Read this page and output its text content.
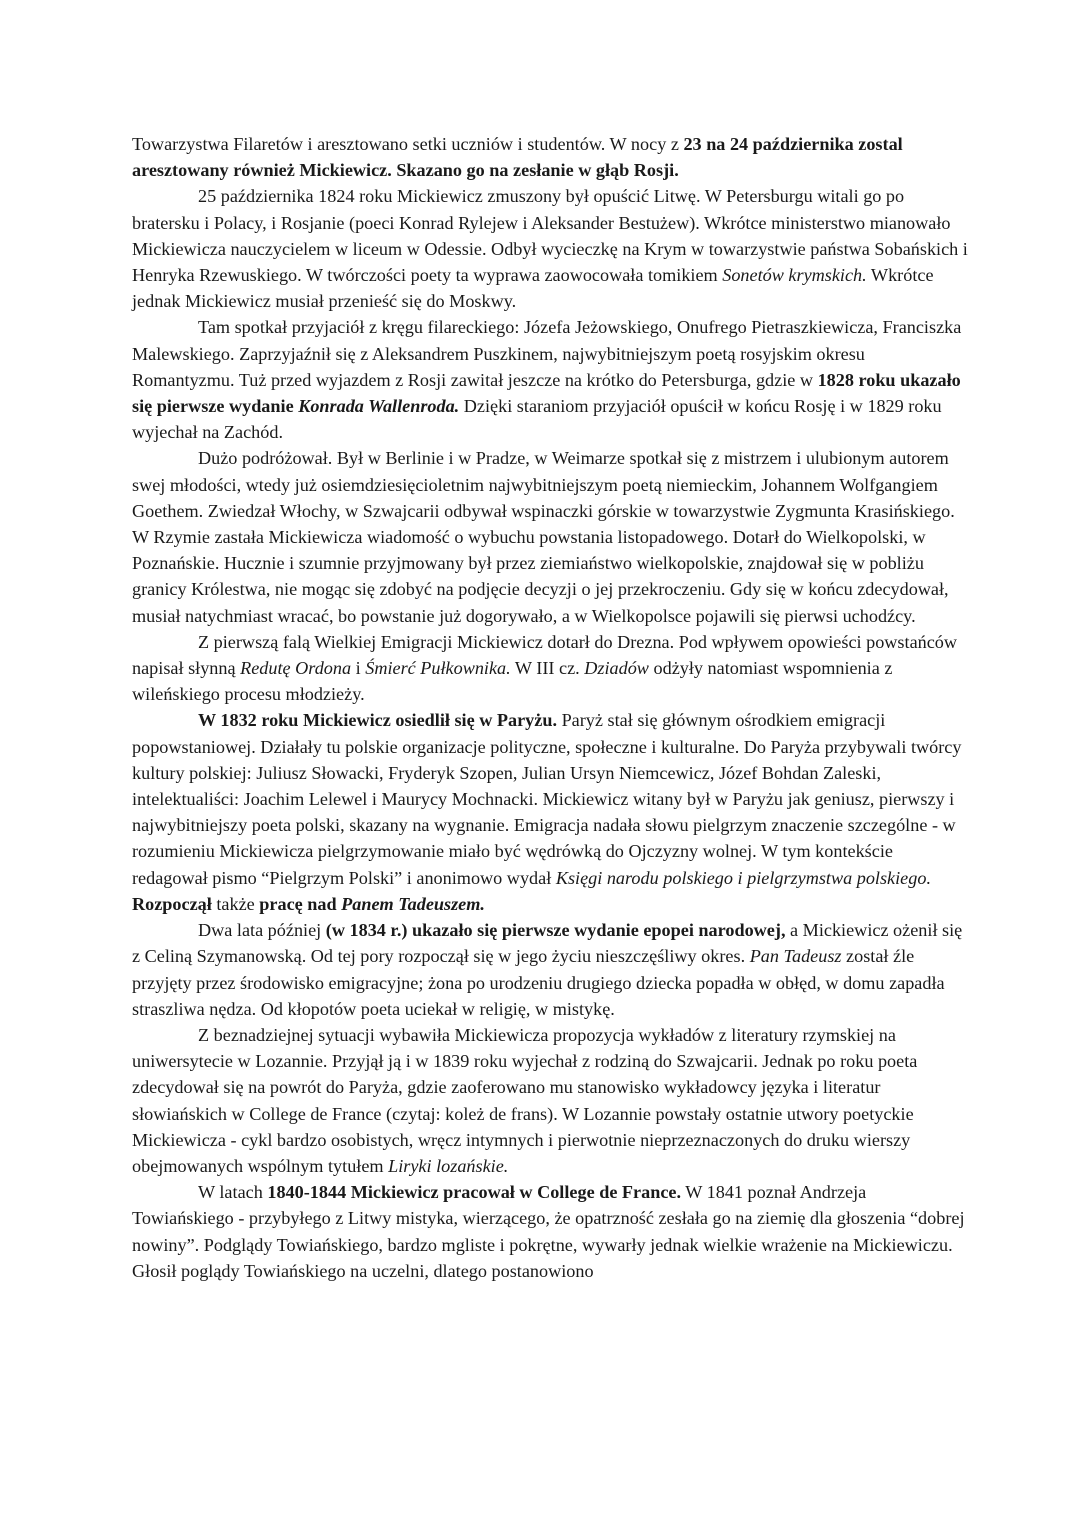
Towarzystwa Filaretów i aresztowano setki uczniów i studentów. W nocy z 23 na 24 października zostal aresztowany również Mickiewicz. Skazano go na zesłanie w głąb Rosji.

25 października 1824 roku Mickiewicz zmuszony był opuścić Litwę. W Petersburgu witali go po bratersku i Polacy, i Rosjanie (poeci Konrad Rylejew i Aleksander Bestużew). Wkrótce ministerstwo mianowało Mickiewicza nauczycielem w liceum w Odessie. Odbył wycieczkę na Krym w towarzystwie państwa Sobańskich i Henryka Rzewuskiego. W twórczości poety ta wyprawa zaowocowała tomikiem Sonetów krymskich. Wkrótce jednak Mickiewicz musiał przenieść się do Moskwy.

Tam spotkał przyjaciół z kręgu filareckiego: Józefa Jeżowskiego, Onufrego Pietraszkiewicza, Franciszka Malewskiego. Zaprzyjaźnił się z Aleksandrem Puszkinem, najwybitniejszym poetą rosyjskim okresu Romantyzmu. Tuż przed wyjazdem z Rosji zawitał jeszcze na krótko do Petersburga, gdzie w 1828 roku ukazało się pierwsze wydanie Konrada Wallenroda. Dzięki staraniom przyjaciół opuścił w końcu Rosję i w 1829 roku wyjechał na Zachód.

Dużo podróżował. Był w Berlinie i w Pradze, w Weimarze spotkał się z mistrzem i ulubionym autorem swej młodości, wtedy już osiemdziesięcioletnim najwybitniejszym poetą niemieckim, Johannem Wolfgangiem Goethem. Zwiedzał Włochy, w Szwajcarii odbywał wspinaczki górskie w towarzystwie Zygmunta Krasińskiego. W Rzymie zastała Mickiewicza wiadomość o wybuchu powstania listopadowego. Dotarł do Wielkopolski, w Poznańskie. Hucznie i szumnie przyjmowany był przez ziemiaństwo wielkopolskie, znajdował się w pobliżu granicy Królestwa, nie mogąc się zdobyć na podjęcie decyzji o jej przekroczeniu. Gdy się w końcu zdecydował, musiał natychmiast wracać, bo powstanie już dogorywało, a w Wielkopolsce pojawili się pierwsi uchodźcy.

Z pierwszą falą Wielkiej Emigracji Mickiewicz dotarł do Drezna. Pod wpływem opowieści powstańców napisał słynną Redutę Ordona i Śmierć Pułkownika. W III cz. Dziadów odżyły natomiast wspomnienia z wileńskiego procesu młodzieży.

W 1832 roku Mickiewicz osiedlił się w Paryżu. Paryż stał się głównym ośrodkiem emigracji popowstaniowej. Działały tu polskie organizacje polityczne, społeczne i kulturalne. Do Paryża przybywali twórcy kultury polskiej: Juliusz Słowacki, Fryderyk Szopen, Julian Ursyn Niemcewicz, Józef Bohdan Zaleski, intelektualiści: Joachim Lelewel i Maurycy Mochnacki. Mickiewicz witany był w Paryżu jak geniusz, pierwszy i najwybitniejszy poeta polski, skazany na wygnanie. Emigracja nadała słowu pielgrzym znaczenie szczególne - w rozumieniu Mickiewicza pielgrzymowanie miało być wędrówką do Ojczyzny wolnej. W tym kontekście redagował pismo “Pielgrzym Polski” i anonimowo wydał Księgi narodu polskiego i pielgrzymstwa polskiego. Rozpoczął także pracę nad Panem Tadeuszem.

Dwa lata później (w 1834 r.) ukazało się pierwsze wydanie epopei narodowej, a Mickiewicz ożenił się z Celiną Szymanowską. Od tej pory rozpoczął się w jego życiu nieszczęśliwy okres. Pan Tadeusz został źle przyjęty przez środowisko emigracyjne; żona po urodzeniu drugiego dziecka popadła w obłęd, w domu zapadła straszliwa nędza. Od kłopotów poeta uciekał w religię, w mistykę.

Z beznadziejnej sytuacji wybawiła Mickiewicza propozycja wykładów z literatury rzymskiej na uniwersytecie w Lozannie. Przyjął ją i w 1839 roku wyjechał z rodziną do Szwajcarii. Jednak po roku poeta zdecydował się na powrót do Paryża, gdzie zaoferowano mu stanowisko wykładowcy języka i literatur słowiańskich w College de France (czytaj: koleż de frans). W Lozannie powstały ostatnie utwory poetyckie Mickiewicza - cykl bardzo osobistych, wręcz intymnych i pierwotnie nieprzeznaczonych do druku wierszy obejmowanych wspólnym tytułem Liryki lozańskie.

W latach 1840-1844 Mickiewicz pracował w College de France. W 1841 poznał Andrzeja Towiańskiego - przybyłego z Litwy mistyka, wierzącego, że opatrzność zesłała go na ziemię dla głoszenia “dobrej nowiny”. Podglądy Towiańskiego, bardzo mgliste i pokrętne, wywarły jednak wielkie wrażenie na Mickiewiczu. Głosił poglądy Towiańskiego na uczelni, dlatego postanowiono
